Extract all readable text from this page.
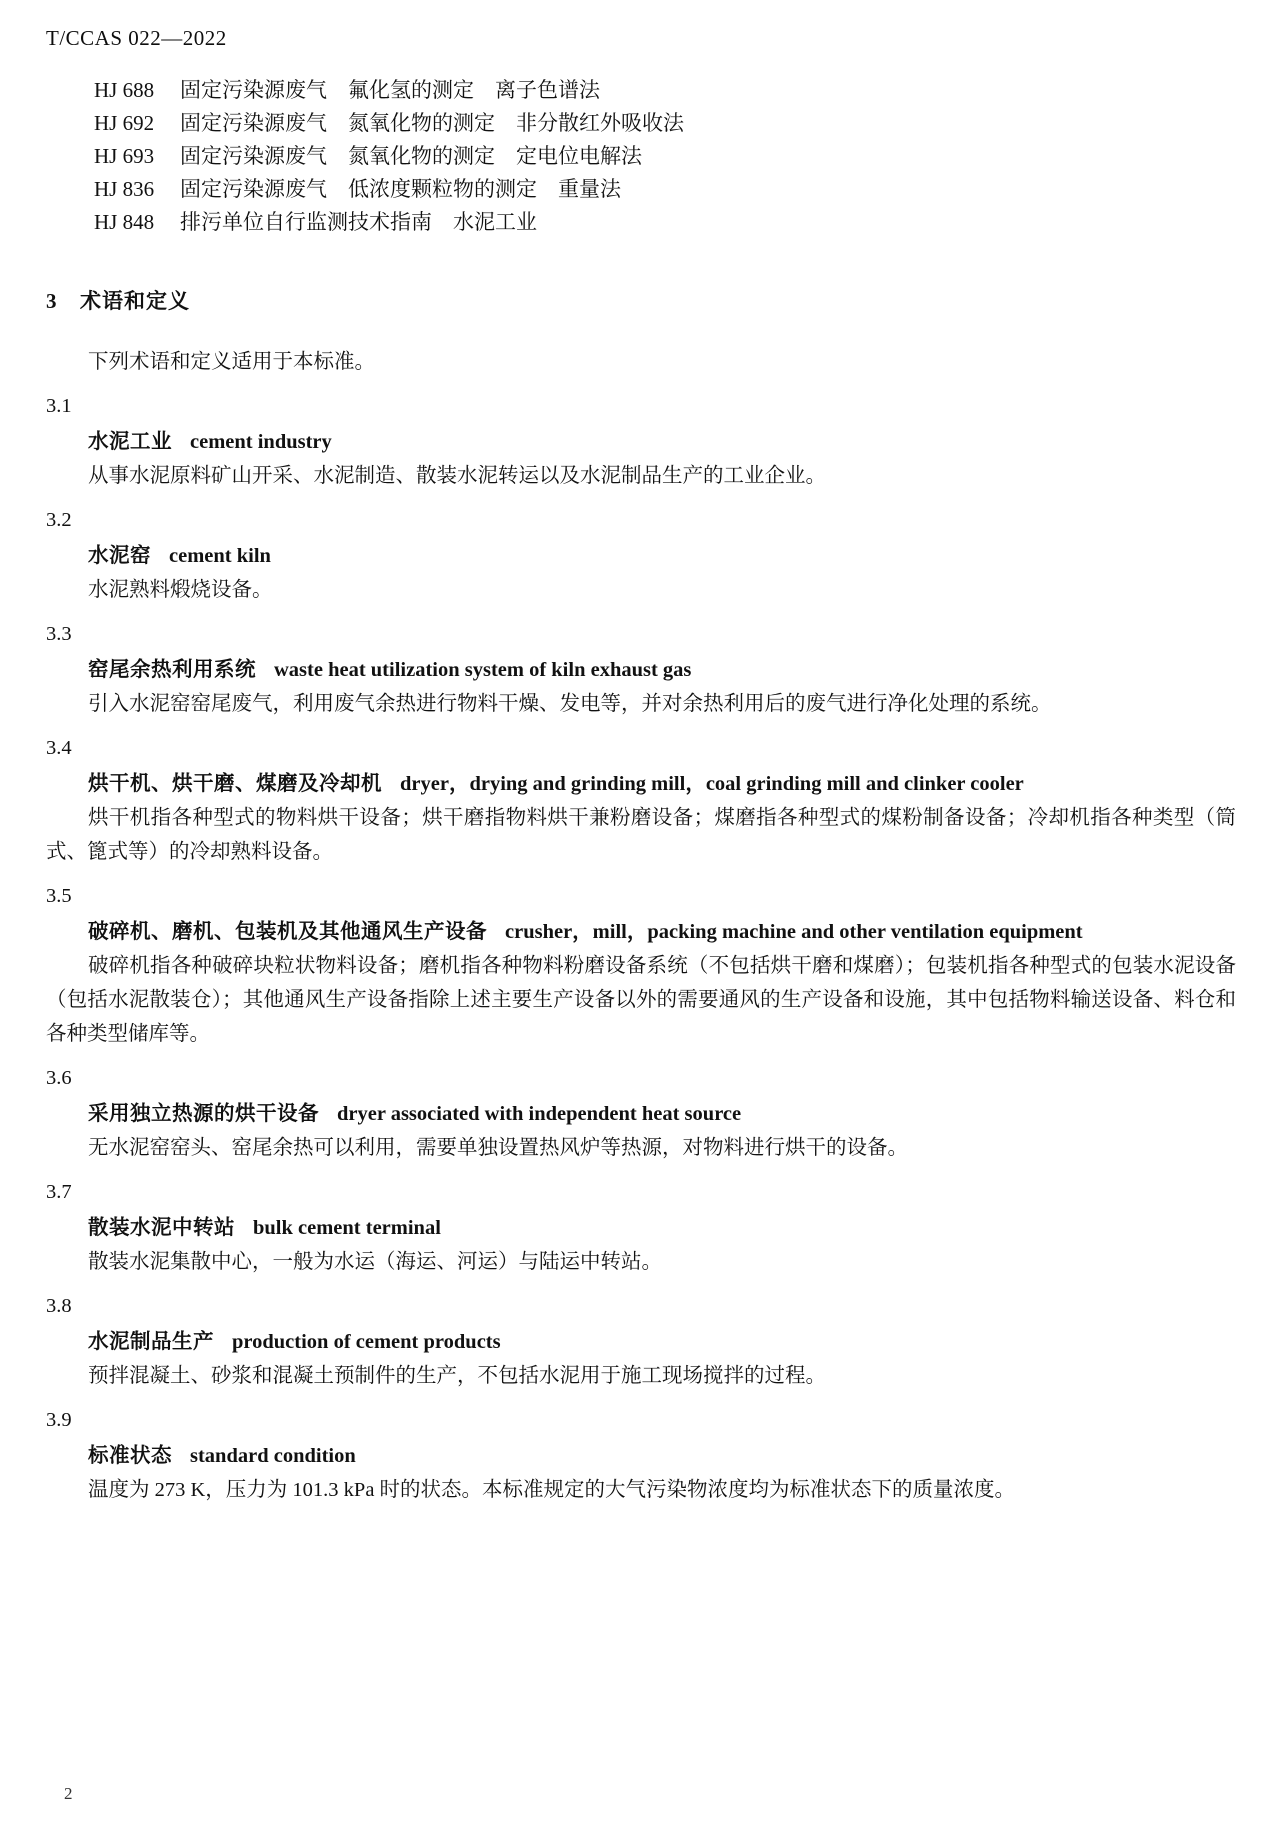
T/CCAS 022—2022
HJ 688 固定污染源废气　氟化氢的测定　离子色谱法
HJ 692 固定污染源废气　氮氧化物的测定　非分散红外吸收法
HJ 693 固定污染源废气　氮氧化物的测定　定电位电解法
HJ 836 固定污染源废气　低浓度颗粒物的测定　重量法
HJ 848 排污单位自行监测技术指南　水泥工业
3 术语和定义
下列术语和定义适用于本标准。
3.1
水泥工业 cement industry
从事水泥原料矿山开采、水泥制造、散装水泥转运以及水泥制品生产的工业企业。
3.2
水泥窑 cement kiln
水泥熟料煅烧设备。
3.3
窑尾余热利用系统 waste heat utilization system of kiln exhaust gas
引入水泥窑窑尾废气，利用废气余热进行物料干燥、发电等，并对余热利用后的废气进行净化处理的系统。
3.4
烘干机、烘干磨、煤磨及冷却机 dryer，drying and grinding mill，coal grinding mill and clinker cooler
烘干机指各种型式的物料烘干设备；烘干磨指物料烘干兼粉磨设备；煤磨指各种型式的煤粉制备设备；冷却机指各种类型（筒式、篦式等）的冷却熟料设备。
3.5
破碎机、磨机、包装机及其他通风生产设备 crusher，mill，packing machine and other ventilation equipment
破碎机指各种破碎块粒状物料设备；磨机指各种物料粉磨设备系统（不包括烘干磨和煤磨）；包装机指各种型式的包装水泥设备（包括水泥散装仓）；其他通风生产设备指除上述主要生产设备以外的需要通风的生产设备和设施，其中包括物料输送设备、料仓和各种类型储库等。
3.6
采用独立热源的烘干设备 dryer associated with independent heat source
无水泥窑窑头、窑尾余热可以利用，需要单独设置热风炉等热源，对物料进行烘干的设备。
3.7
散装水泥中转站 bulk cement terminal
散装水泥集散中心，一般为水运（海运、河运）与陆运中转站。
3.8
水泥制品生产 production of cement products
预拌混凝土、砂浆和混凝土预制件的生产，不包括水泥用于施工现场搅拌的过程。
3.9
标准状态 standard condition
温度为 273 K，压力为 101.3 kPa 时的状态。本标准规定的大气污染物浓度均为标准状态下的质量浓度。
2
